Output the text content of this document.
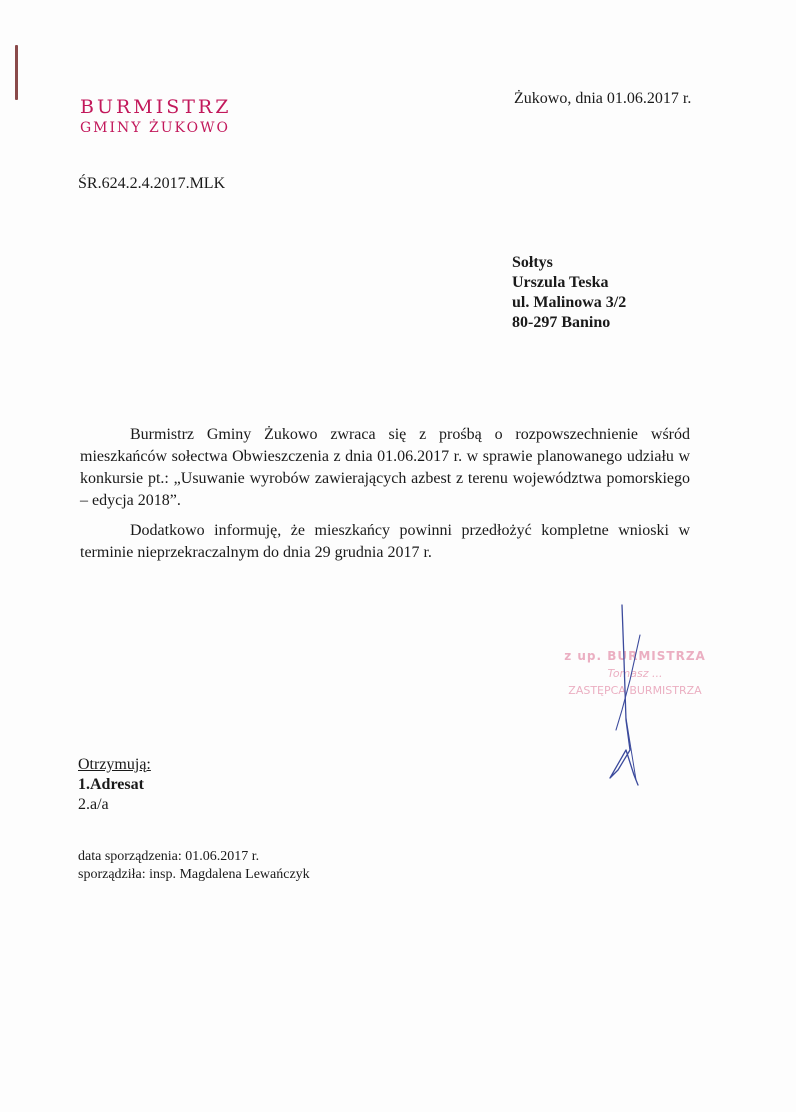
BURMISTRZ
GMINY ŻUKOWO
Żukowo, dnia 01.06.2017 r.
ŚR.624.2.4.2017.MLK
Sołtys
Urszula Teska
ul. Malinowa 3/2
80-297 Banino

Burmistrz Gminy Żukowo zwraca się z prośbą o rozpowszechnienie wśród mieszkańców sołectwa Obwieszczenia z dnia 01.06.2017 r. w sprawie planowanego udziału w konkursie pt.: „Usuwanie wyrobów zawierających azbest z terenu województwa pomorskiego – edycja 2018”.

Dodatkowo informuję, że mieszkańcy powinni przedłożyć kompletne wnioski w terminie nieprzekraczalnym do dnia 29 grudnia 2017 r.

z up. BURMISTRZA
Tomasz ...
ZASTĘPCA BURMISTRZA
Otrzymują:
1.Adresat
2.a/a
data sporządzenia: 01.06.2017 r.
sporządziła: insp. Magdalena Lewańczyk
